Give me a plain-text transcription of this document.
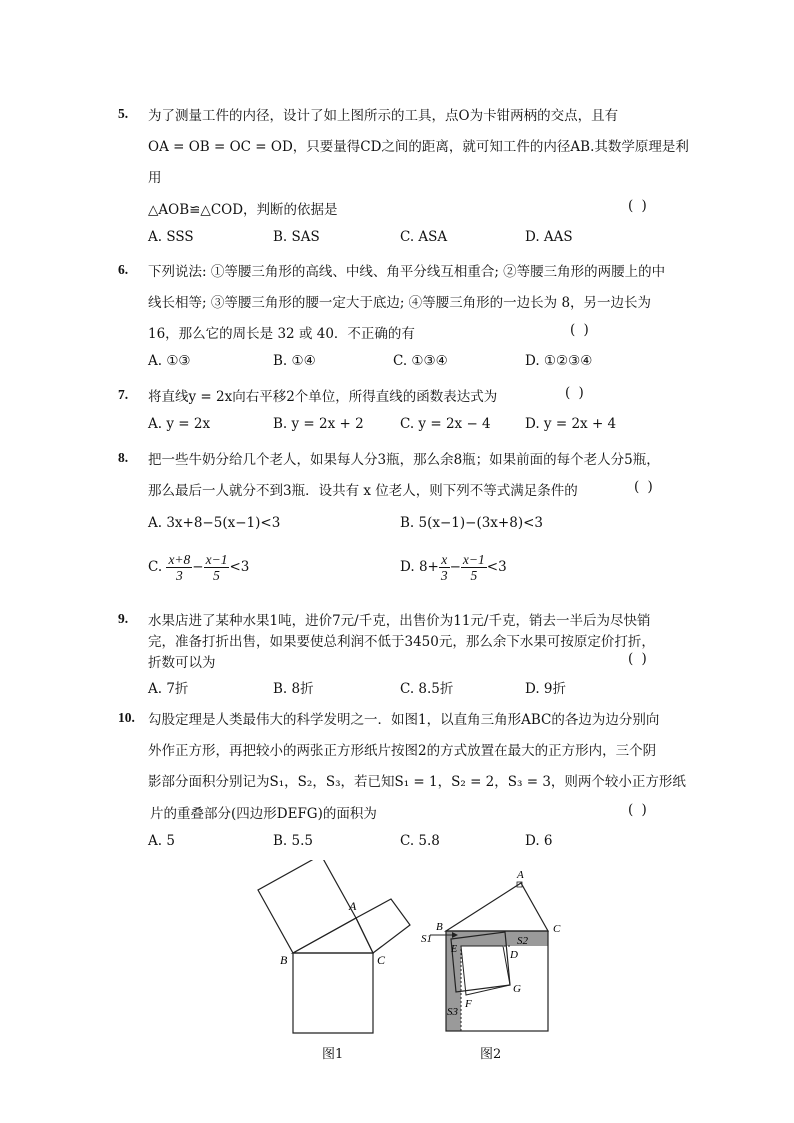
5. 为了测量工件的内径，设计了如上图所示的工具，点O为卡钳两柄的交点，且有
OA = OB = OC = OD，只要量得CD之间的距离，就可知工件的内径AB.其数学原理是利
用
△AOB≌△COD，判断的依据是	( )
A. SSS	B. SAS	C. ASA	D. AAS
6. 下列说法: ①等腰三角形的高线、中线、角平分线互相重合; ②等腰三角形的两腰上的中
线长相等; ③等腰三角形的腰一定大于底边; ④等腰三角形的一边长为 8，另一边长为
16，那么它的周长是 32 或 40．不正确的有	( )
A. ①③	B. ①④	C. ①③④	D. ①②③④
7. 将直线y = 2x向右平移2个单位，所得直线的函数表达式为	( )
A. y = 2x	B. y = 2x + 2	C. y = 2x − 4	D. y = 2x + 4
8. 把一些牛奶分给几个老人，如果每人分3瓶，那么余8瓶；如果前面的每个老人分5瓶，
那么最后一人就分不到3瓶．设共有 x 位老人，则下列不等式满足条件的	( )
A. 3x+8−5(x−1)<3	B. 5(x−1)−(3x+8)<3
C. $\frac{x+8}{3} - \frac{x-1}{5} <3$	D. $8+ \frac{x}{3} - \frac{x-1}{5} <3$
9. 水果店进了某种水果1吨，进价7元/千克，出售价为11元/千克，销去一半后为尽快销
完，准备打折出售，如果要使总利润不低于3450元，那么余下水果可按原定价打折，
折数可以为	( )
A. 7折	B. 8折	C. 8.5折	D. 9折
10. 勾股定理是人类最伟大的科学发明之一．如图1，以直角三角形ABC的各边为边分别向
外作正方形，再把较小的两张正方形纸片按图2的方式放置在最大的正方形内，三个阴
影部分面积分别记为S₁，S₂，S₃，若已知S₁ = 1，S₂ = 2，S₃ = 3，则两个较小正方形纸
片的重叠部分(四边形DEFG)的面积为	( )
A. 5	B. 5.5	C. 5.8	D. 6
A
B	C
图1
A
B	C
D
E
F
G
S1	S2
S3
图2
